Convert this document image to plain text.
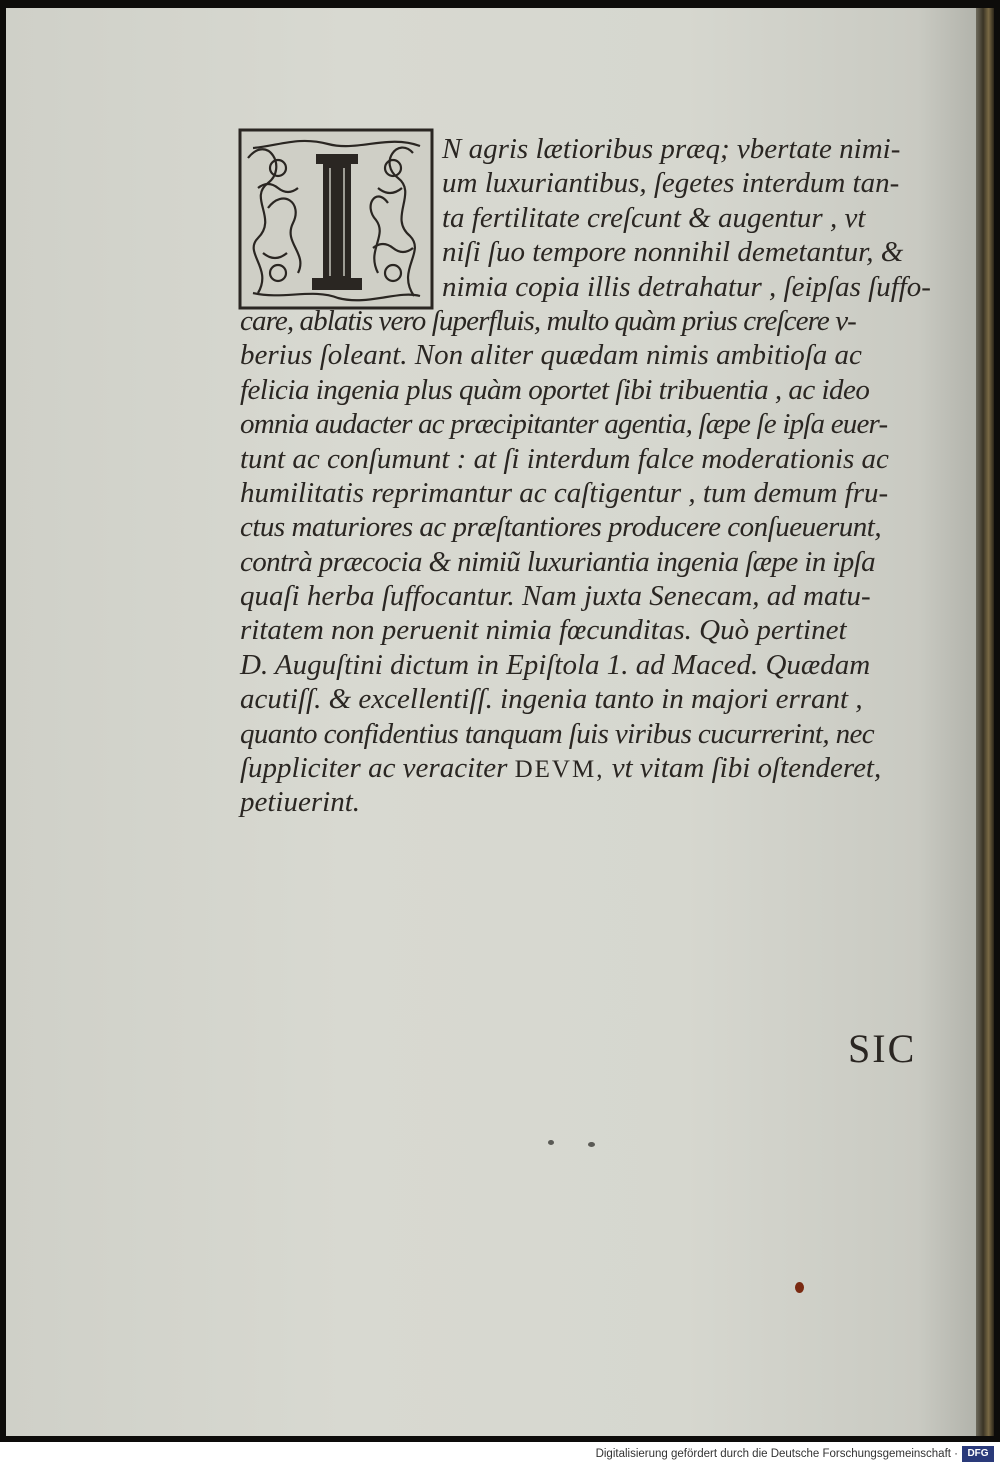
N agris lætioribus præq; vbertate nimi-
um luxuriantibus, ſegetes interdum tan-
ta fertilitate creſcunt & augentur , vt
niſi ſuo tempore nonnihil demetantur, &
nimia copia illis detrahatur , ſeipſas ſuffo-
care, ablatis vero ſuperfluis, multo quàm prius creſcere v-
berius ſoleant. Non aliter quædam nimis ambitioſa ac
felicia ingenia plus quàm oportet ſibi tribuentia , ac ideo
omnia audacter ac præcipitanter agentia, ſæpe ſe ipſa euer-
tunt ac conſumunt : at ſi interdum falce moderationis ac
humilitatis reprimantur ac caſtigentur , tum demum fru-
ctus maturiores ac præſtantiores producere conſueuerunt,
contrà præcocia & nimiũ luxuriantia ingenia ſæpe in ipſa
quaſi herba ſuffocantur. Nam juxta Senecam, ad matu-
ritatem non peruenit nimia fœcunditas. Quò pertinet
D. Auguſtini dictum in Epiſtola 1. ad Maced. Quædam
acutiſſ. & excellentiſſ. ingenia tanto in majori errant ,
quanto confidentius tanquam ſuis viribus cucurrerint, nec
ſuppliciter ac veraciter DEVM, vt vitam ſibi oſtenderet,
petiuerint.
SIC
Digitalisierung gefördert durch die Deutsche Forschungsgemeinschaft · DFG
